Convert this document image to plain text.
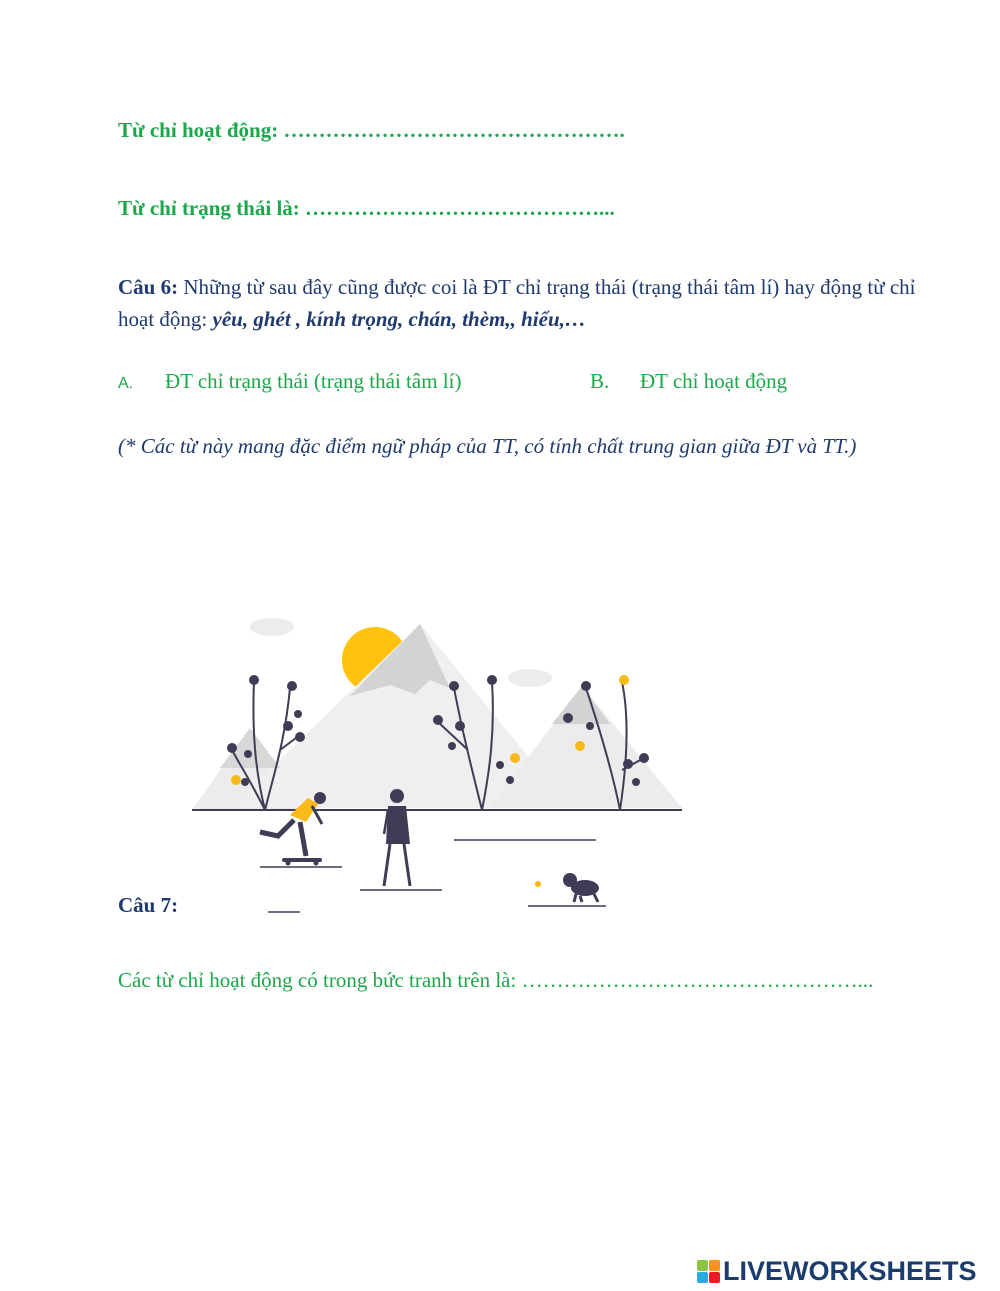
Từ chỉ hoạt động: ………………………………………….
Từ chỉ trạng thái là: ……………………………………...
Câu 6: Những từ sau đây cũng được coi là ĐT chỉ trạng thái (trạng thái tâm lí) hay động từ chỉ hoạt động: yêu, ghét , kính trọng, chán, thèm,, hiểu,…
A. ĐT chỉ trạng thái (trạng thái tâm lí)	B. ĐT chỉ hoạt động
(* Các từ này mang đặc điểm ngữ pháp của TT, có tính chất trung gian giữa ĐT và TT.)
Câu 7:
Các từ chỉ hoạt động có trong bức tranh trên là: …………………………………………...
LIVEWORKSHEETS
